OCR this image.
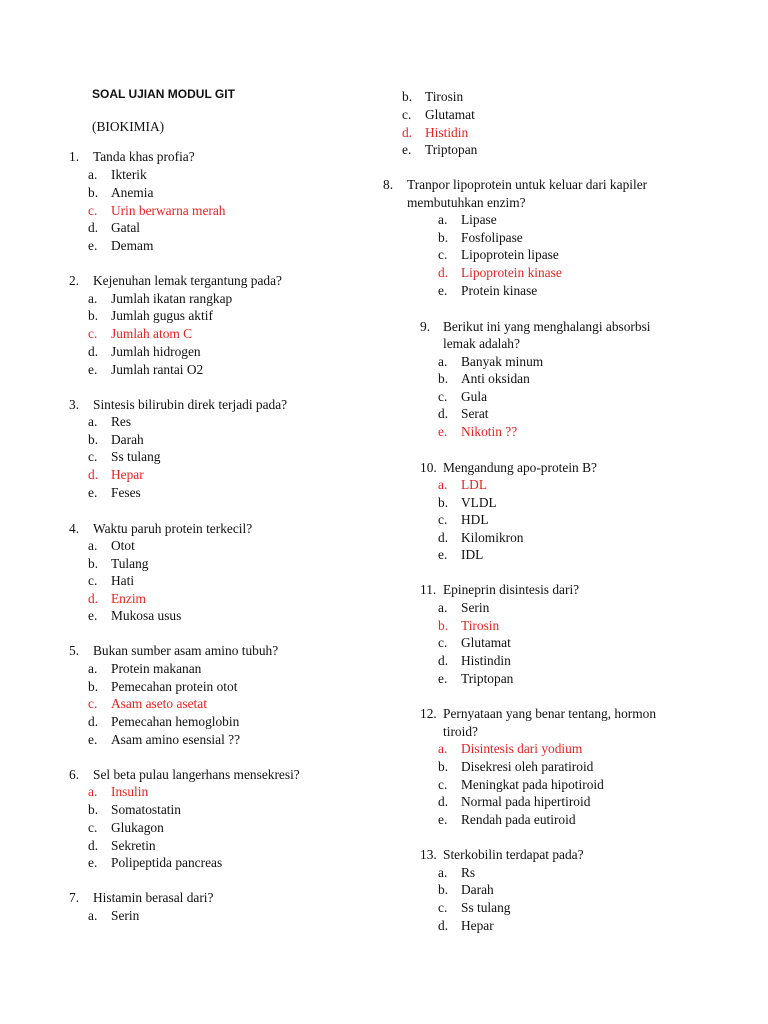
SOAL UJIAN MODUL GIT
(BIOKIMIA)
1. Tanda khas profia?
a. Ikterik
b. Anemia
c. Urin berwarna merah
d. Gatal
e. Demam
2. Kejenuhan lemak tergantung pada?
a. Jumlah ikatan rangkap
b. Jumlah gugus aktif
c. Jumlah atom C
d. Jumlah hidrogen
e. Jumlah rantai O2
3. Sintesis bilirubin direk terjadi pada?
a. Res
b. Darah
c. Ss tulang
d. Hepar
e. Feses
4. Waktu paruh protein terkecil?
a. Otot
b. Tulang
c. Hati
d. Enzim
e. Mukosa usus
5. Bukan sumber asam amino tubuh?
a. Protein makanan
b. Pemecahan protein otot
c. Asam aseto asetat
d. Pemecahan hemoglobin
e. Asam amino esensial ??
6. Sel beta pulau langerhans mensekresi?
a. Insulin
b. Somatostatin
c. Glukagon
d. Sekretin
e. Polipeptida pancreas
7. Histamin berasal dari?
a. Serin
b. Tirosin
c. Glutamat
d. Histidin
e. Triptopan
8. Tranpor lipoprotein untuk keluar dari kapiler
membutuhkan enzim?
a. Lipase
b. Fosfolipase
c. Lipoprotein lipase
d. Lipoprotein kinase
e. Protein kinase
9. Berikut ini yang menghalangi absorbsi
lemak adalah?
a. Banyak minum
b. Anti oksidan
c. Gula
d. Serat
e. Nikotin ??
10. Mengandung apo-protein B?
a. LDL
b. VLDL
c. HDL
d. Kilomikron
e. IDL
11. Epineprin disintesis dari?
a. Serin
b. Tirosin
c. Glutamat
d. Histindin
e. Triptopan
12. Pernyataan yang benar tentang, hormon
tiroid?
a. Disintesis dari yodium
b. Disekresi oleh paratiroid
c. Meningkat pada hipotiroid
d. Normal pada hipertiroid
e. Rendah pada eutiroid
13. Sterkobilin terdapat pada?
a. Rs
b. Darah
c. Ss tulang
d. Hepar
